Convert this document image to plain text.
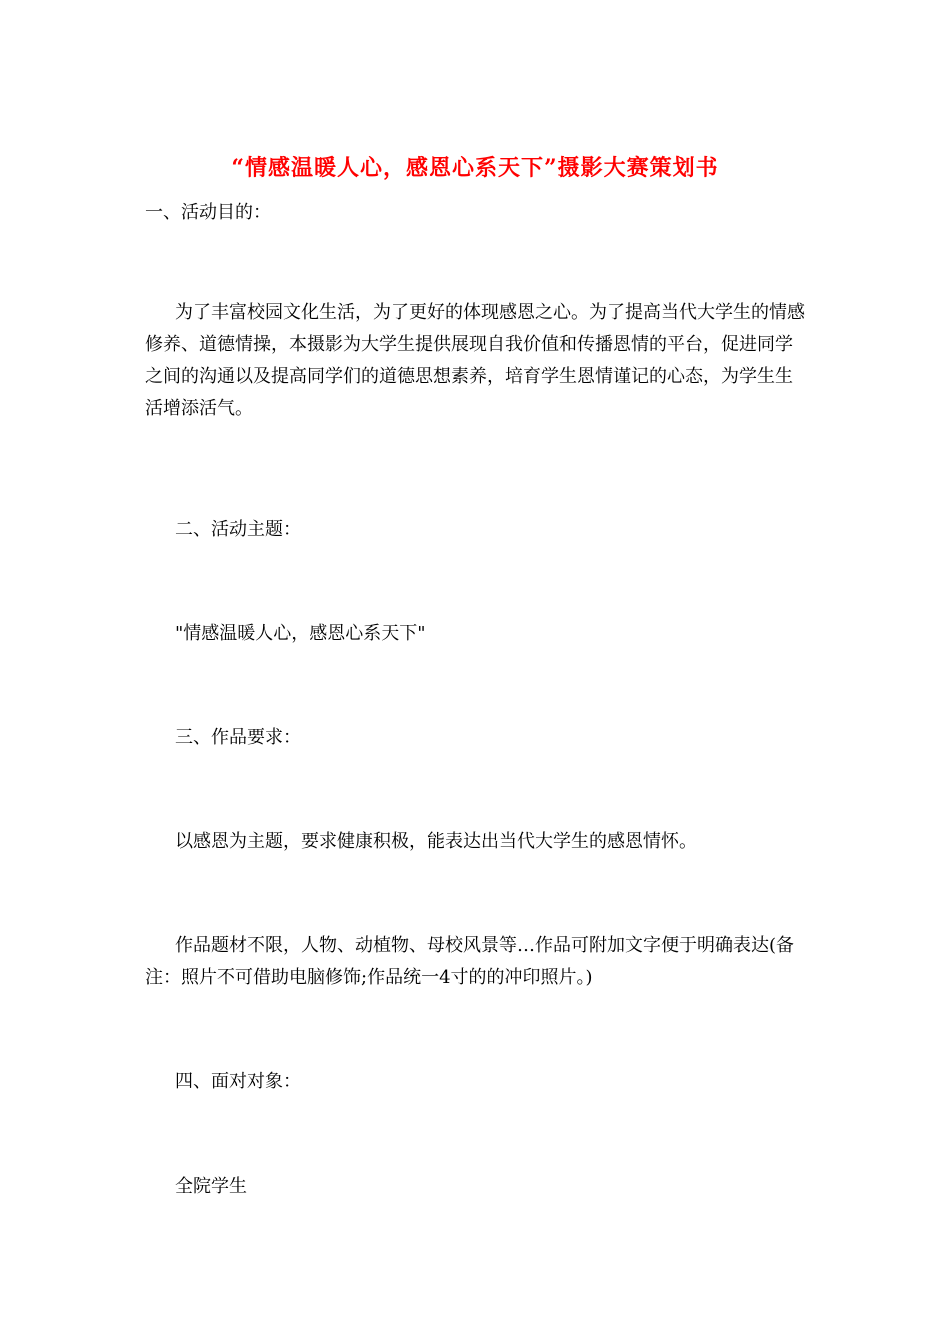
“情感温暖人心，感恩心系天下”摄影大赛策划书
一、活动目的：
为了丰富校园文化生活，为了更好的体现感恩之心。为了提高当代大学生的情感修养、道德情操，本摄影为大学生提供展现自我价值和传播恩情的平台，促进同学之间的沟通以及提高同学们的道德思想素养，培育学生恩情谨记的心态，为学生生活增添活气。
二、活动主题：
"情感温暖人心，感恩心系天下"
三、作品要求：
以感恩为主题，要求健康积极，能表达出当代大学生的感恩情怀。
作品题材不限，人物、动植物、母校风景等…作品可附加文字便于明确表达(备注：照片不可借助电脑修饰;作品统一4寸的的冲印照片。)
四、面对对象：
全院学生
